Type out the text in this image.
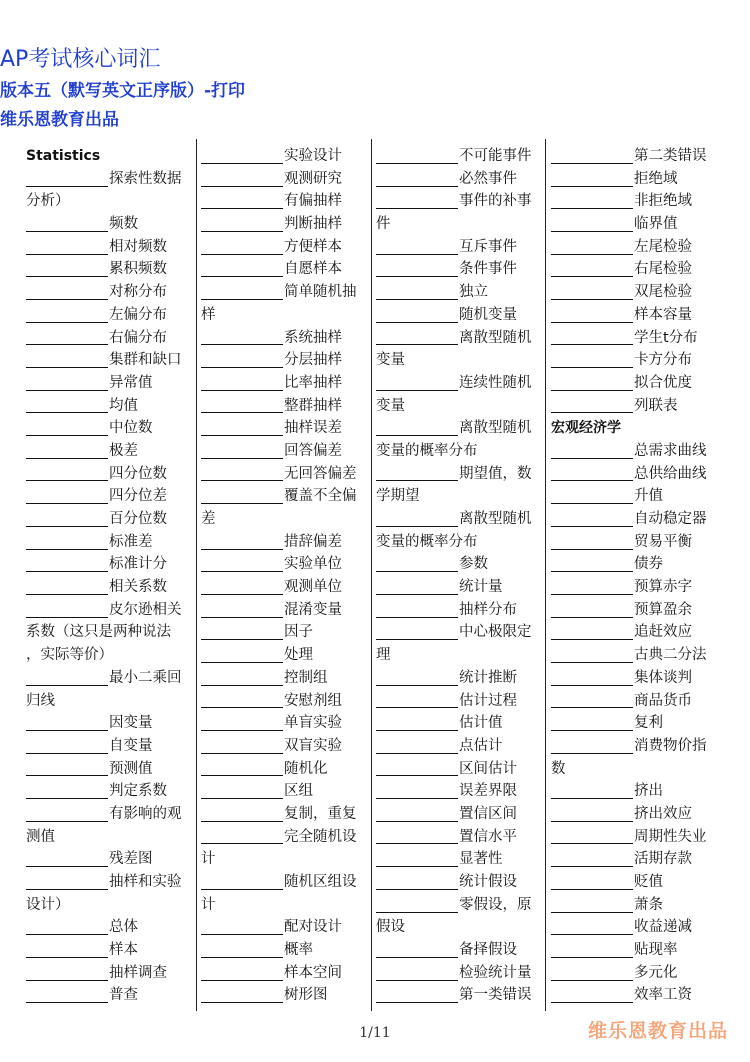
AP考试核心词汇
版本五（默写英文正序版）-打印
维乐恩教育出品
Statistics
探索性数据
分析）
频数
相对频数
累积频数
对称分布
左偏分布
右偏分布
集群和缺口
异常值
均值
中位数
极差
四分位数
四分位差
百分位数
标准差
标准计分
相关系数
皮尔逊相关
系数（这只是两种说法
，实际等价）
最小二乘回
归线
因变量
自变量
预测值
判定系数
有影响的观
测值
残差图
抽样和实验
设计）
总体
样本
抽样调查
普查
实验设计
观测研究
有偏抽样
判断抽样
方便样本
自愿样本
简单随机抽
样
系统抽样
分层抽样
比率抽样
整群抽样
抽样误差
回答偏差
无回答偏差
覆盖不全偏
差
措辞偏差
实验单位
观测单位
混淆变量
因子
处理
控制组
安慰剂组
单盲实验
双盲实验
随机化
区组
复制，重复
完全随机设
计
随机区组设
计
配对设计
概率
样本空间
树形图
不可能事件
必然事件
事件的补事
件
互斥事件
条件事件
独立
随机变量
离散型随机
变量
连续性随机
变量
离散型随机
变量的概率分布
期望值，数
学期望
离散型随机
变量的概率分布
参数
统计量
抽样分布
中心极限定
理
统计推断
估计过程
估计值
点估计
区间估计
误差界限
置信区间
置信水平
显著性
统计假设
零假设，原
假设
备择假设
检验统计量
第一类错误
第二类错误
拒绝域
非拒绝域
临界值
左尾检验
右尾检验
双尾检验
样本容量
学生t分布
卡方分布
拟合优度
列联表
宏观经济学
总需求曲线
总供给曲线
升值
自动稳定器
贸易平衡
债券
预算赤字
预算盈余
追赶效应
古典二分法
集体谈判
商品货币
复利
消费物价指
数
挤出
挤出效应
周期性失业
活期存款
贬值
萧条
收益递减
贴现率
多元化
效率工资
1/11	维乐恩教育出品
